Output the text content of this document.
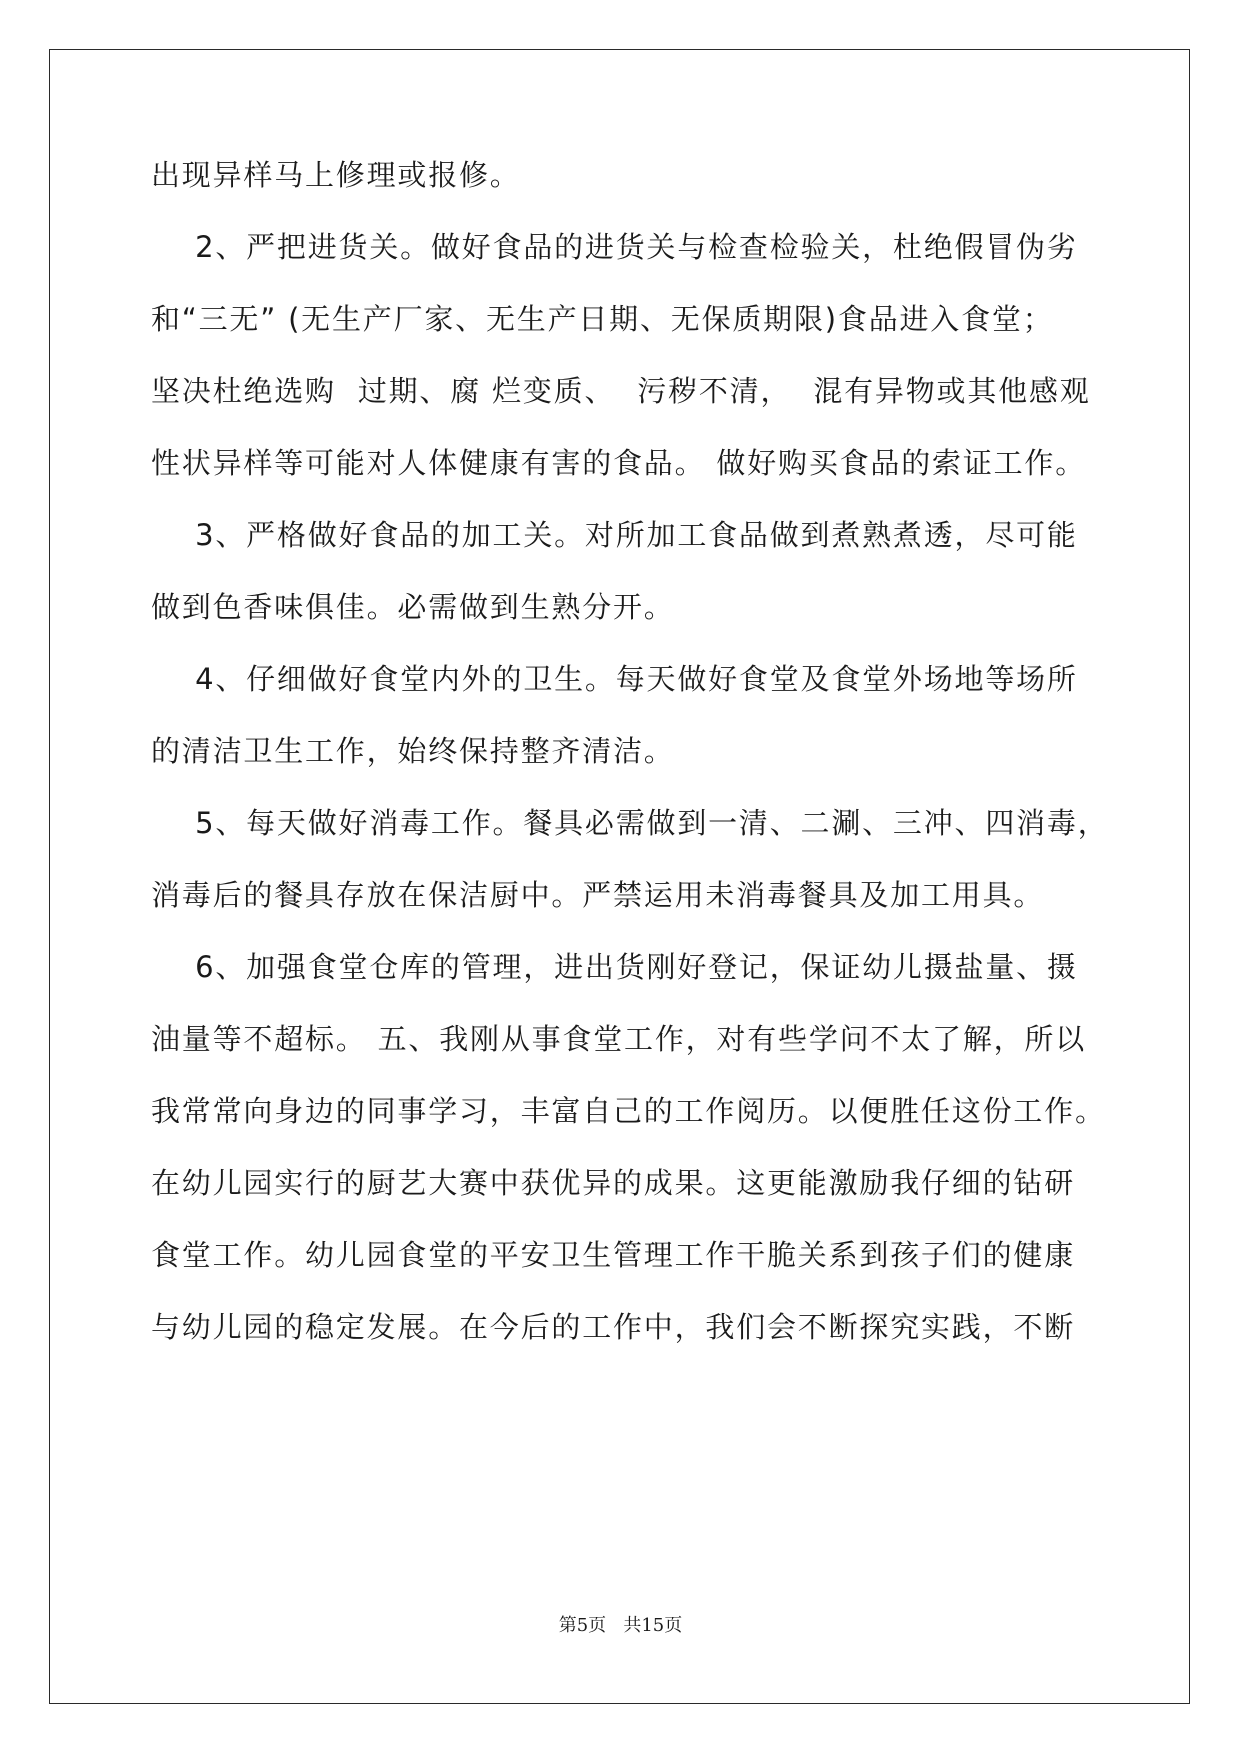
出现异样马上修理或报修。
2、严把进货关。做好食品的进货关与检查检验关，杜绝假冒伪劣
和“三无” (无生产厂家、无生产日期、无保质期限)食品进入食堂；
坚决杜绝选购  过期、腐 烂变质、  污秽不清，  混有异物或其他感观
性状异样等可能对人体健康有害的食品。 做好购买食品的索证工作。
3、严格做好食品的加工关。对所加工食品做到煮熟煮透，尽可能
做到色香味俱佳。必需做到生熟分开。
4、仔细做好食堂内外的卫生。每天做好食堂及食堂外场地等场所
的清洁卫生工作，始终保持整齐清洁。
5、每天做好消毒工作。餐具必需做到一清、二涮、三冲、四消毒，
消毒后的餐具存放在保洁厨中。严禁运用未消毒餐具及加工用具。
6、加强食堂仓库的管理，进出货刚好登记，保证幼儿摄盐量、摄
油量等不超标。 五、我刚从事食堂工作，对有些学问不太了解，所以
我常常向身边的同事学习，丰富自己的工作阅历。以便胜任这份工作。
在幼儿园实行的厨艺大赛中获优异的成果。这更能激励我仔细的钻研
食堂工作。幼儿园食堂的平安卫生管理工作干脆关系到孩子们的健康
与幼儿园的稳定发展。在今后的工作中，我们会不断探究实践，不断
第5页   共15页
